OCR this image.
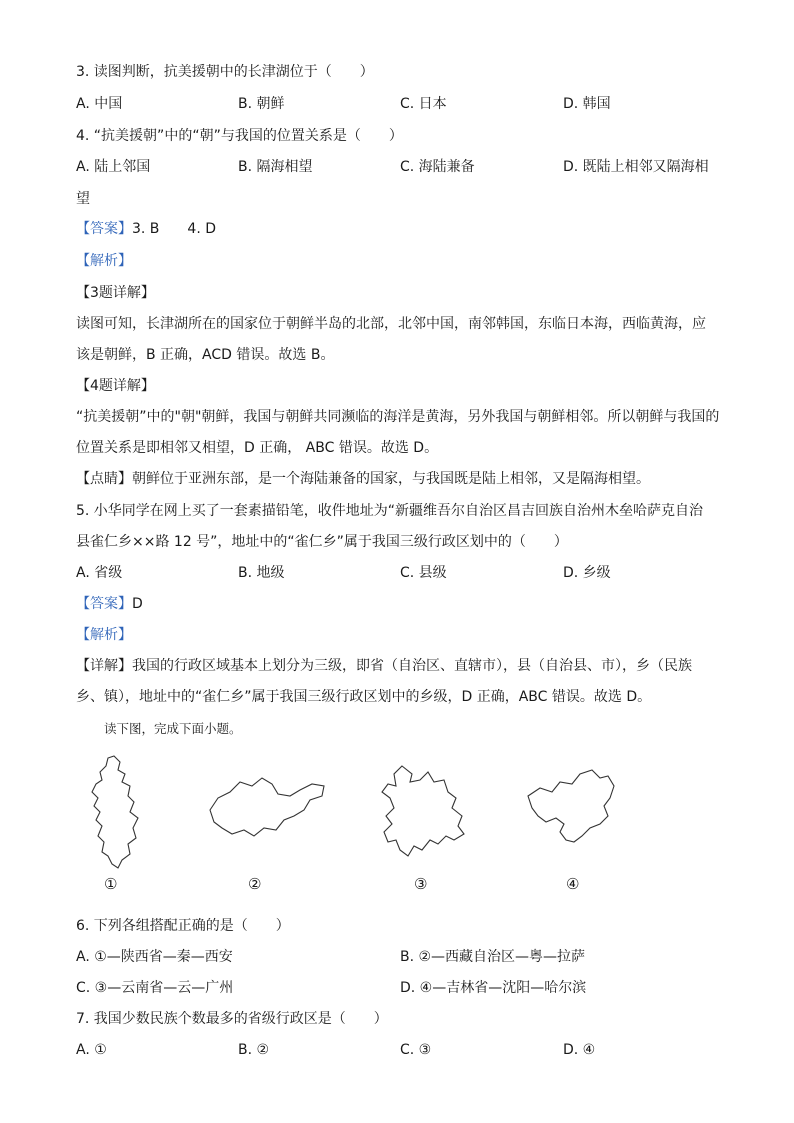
3. 读图判断，抗美援朝中的长津湖位于（　　）
A. 中国	B. 朝鲜	C. 日本	D. 韩国
4. “抗美援朝”中的“朝”与我国的位置关系是（　　）
A. 陆上邻国	B. 隔海相望	C. 海陆兼备	D. 既陆上相邻又隔海相
望
【答案】3. B　　4. D
【解析】
【3题详解】
读图可知，长津湖所在的国家位于朝鲜半岛的北部，北邻中国，南邻韩国，东临日本海，西临黄海，应
该是朝鲜，B 正确，ACD 错误。故选 B。
【4题详解】
“抗美援朝”中的"朝"朝鲜，我国与朝鲜共同濒临的海洋是黄海，另外我国与朝鲜相邻。所以朝鲜与我国的
位置关系是即相邻又相望，D 正确， ABC 错误。故选 D。
【点睛】朝鲜位于亚洲东部，是一个海陆兼备的国家，与我国既是陆上相邻，又是隔海相望。
5. 小华同学在网上买了一套素描铅笔，收件地址为“新疆维吾尔自治区昌吉回族自治州木垒哈萨克自治
县雀仁乡××路 12 号”，地址中的“雀仁乡”属于我国三级行政区划中的（　　）
A. 省级	B. 地级	C. 县级	D. 乡级
【答案】D
【解析】
【详解】我国的行政区域基本上划分为三级，即省（自治区、直辖市），县（自治县、市），乡（民族
乡、镇），地址中的“雀仁乡”属于我国三级行政区划中的乡级，D 正确，ABC 错误。故选 D。
读下图，完成下面小题。
①	②	③	④
6. 下列各组搭配正确的是（　　）
A. ①—陕西省—秦—西安	B. ②—西藏自治区—粤—拉萨
C. ③—云南省—云—广州	D. ④—吉林省—沈阳—哈尔滨
7. 我国少数民族个数最多的省级行政区是（　　）
A. ①	B. ②	C. ③	D. ④
